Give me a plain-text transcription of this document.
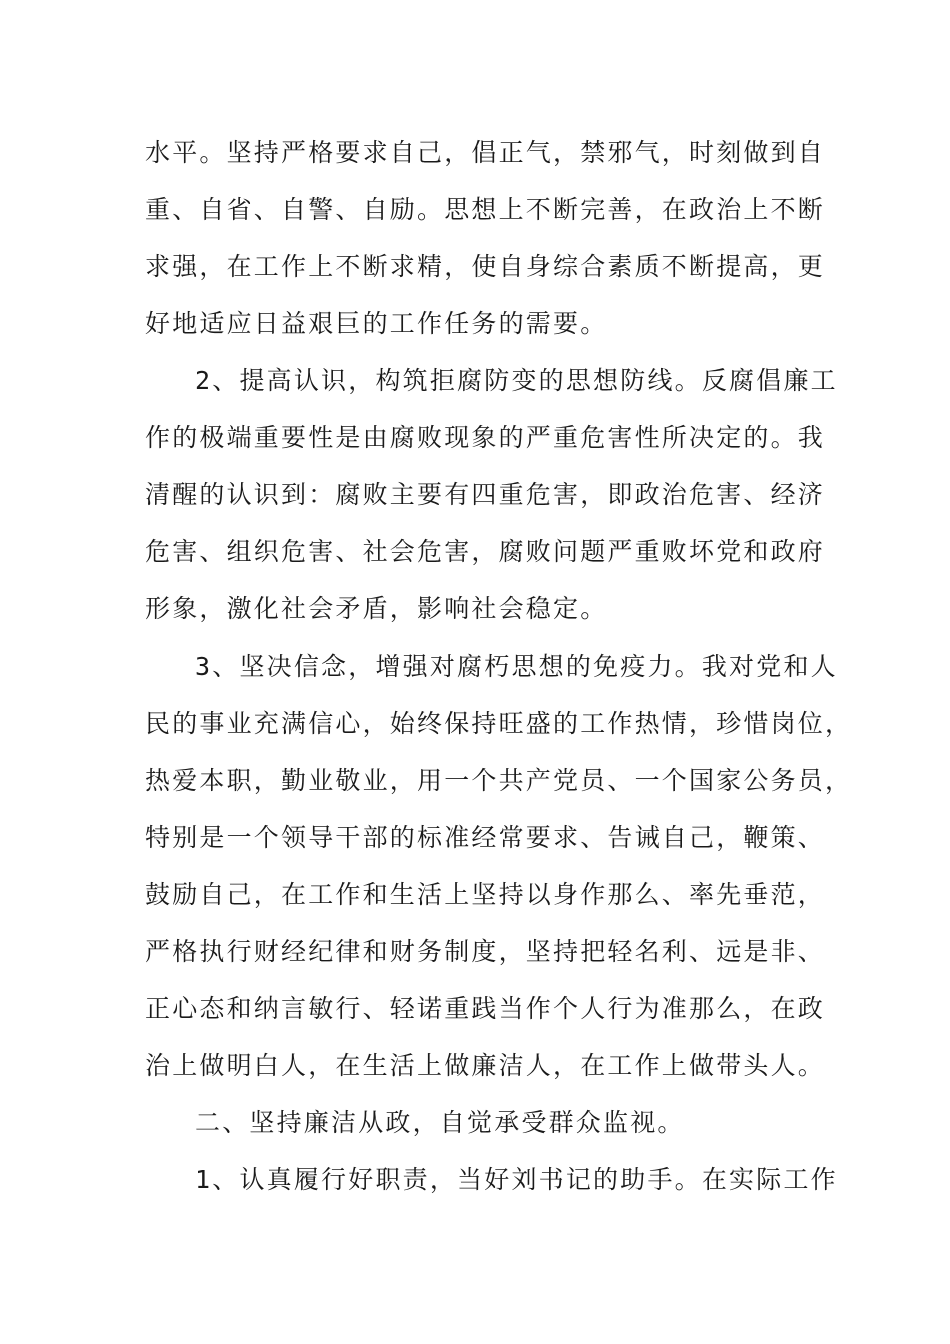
水平。坚持严格要求自己，倡正气，禁邪气，时刻做到自
重、自省、自警、自励。思想上不断完善，在政治上不断
求强，在工作上不断求精，使自身综合素质不断提高，更
好地适应日益艰巨的工作任务的需要。
2、提高认识，构筑拒腐防变的思想防线。反腐倡廉工
作的极端重要性是由腐败现象的严重危害性所决定的。我
清醒的认识到：腐败主要有四重危害，即政治危害、经济
危害、组织危害、社会危害，腐败问题严重败坏党和政府
形象，激化社会矛盾，影响社会稳定。
3、坚决信念，增强对腐朽思想的免疫力。我对党和人
民的事业充满信心，始终保持旺盛的工作热情，珍惜岗位，
热爱本职，勤业敬业，用一个共产党员、一个国家公务员，
特别是一个领导干部的标准经常要求、告诫自己，鞭策、
鼓励自己，在工作和生活上坚持以身作那么、率先垂范，
严格执行财经纪律和财务制度，坚持把轻名利、远是非、
正心态和纳言敏行、轻诺重践当作个人行为准那么，在政
治上做明白人，在生活上做廉洁人，在工作上做带头人。
二、坚持廉洁从政，自觉承受群众监视。
1、认真履行好职责，当好刘书记的助手。在实际工作
